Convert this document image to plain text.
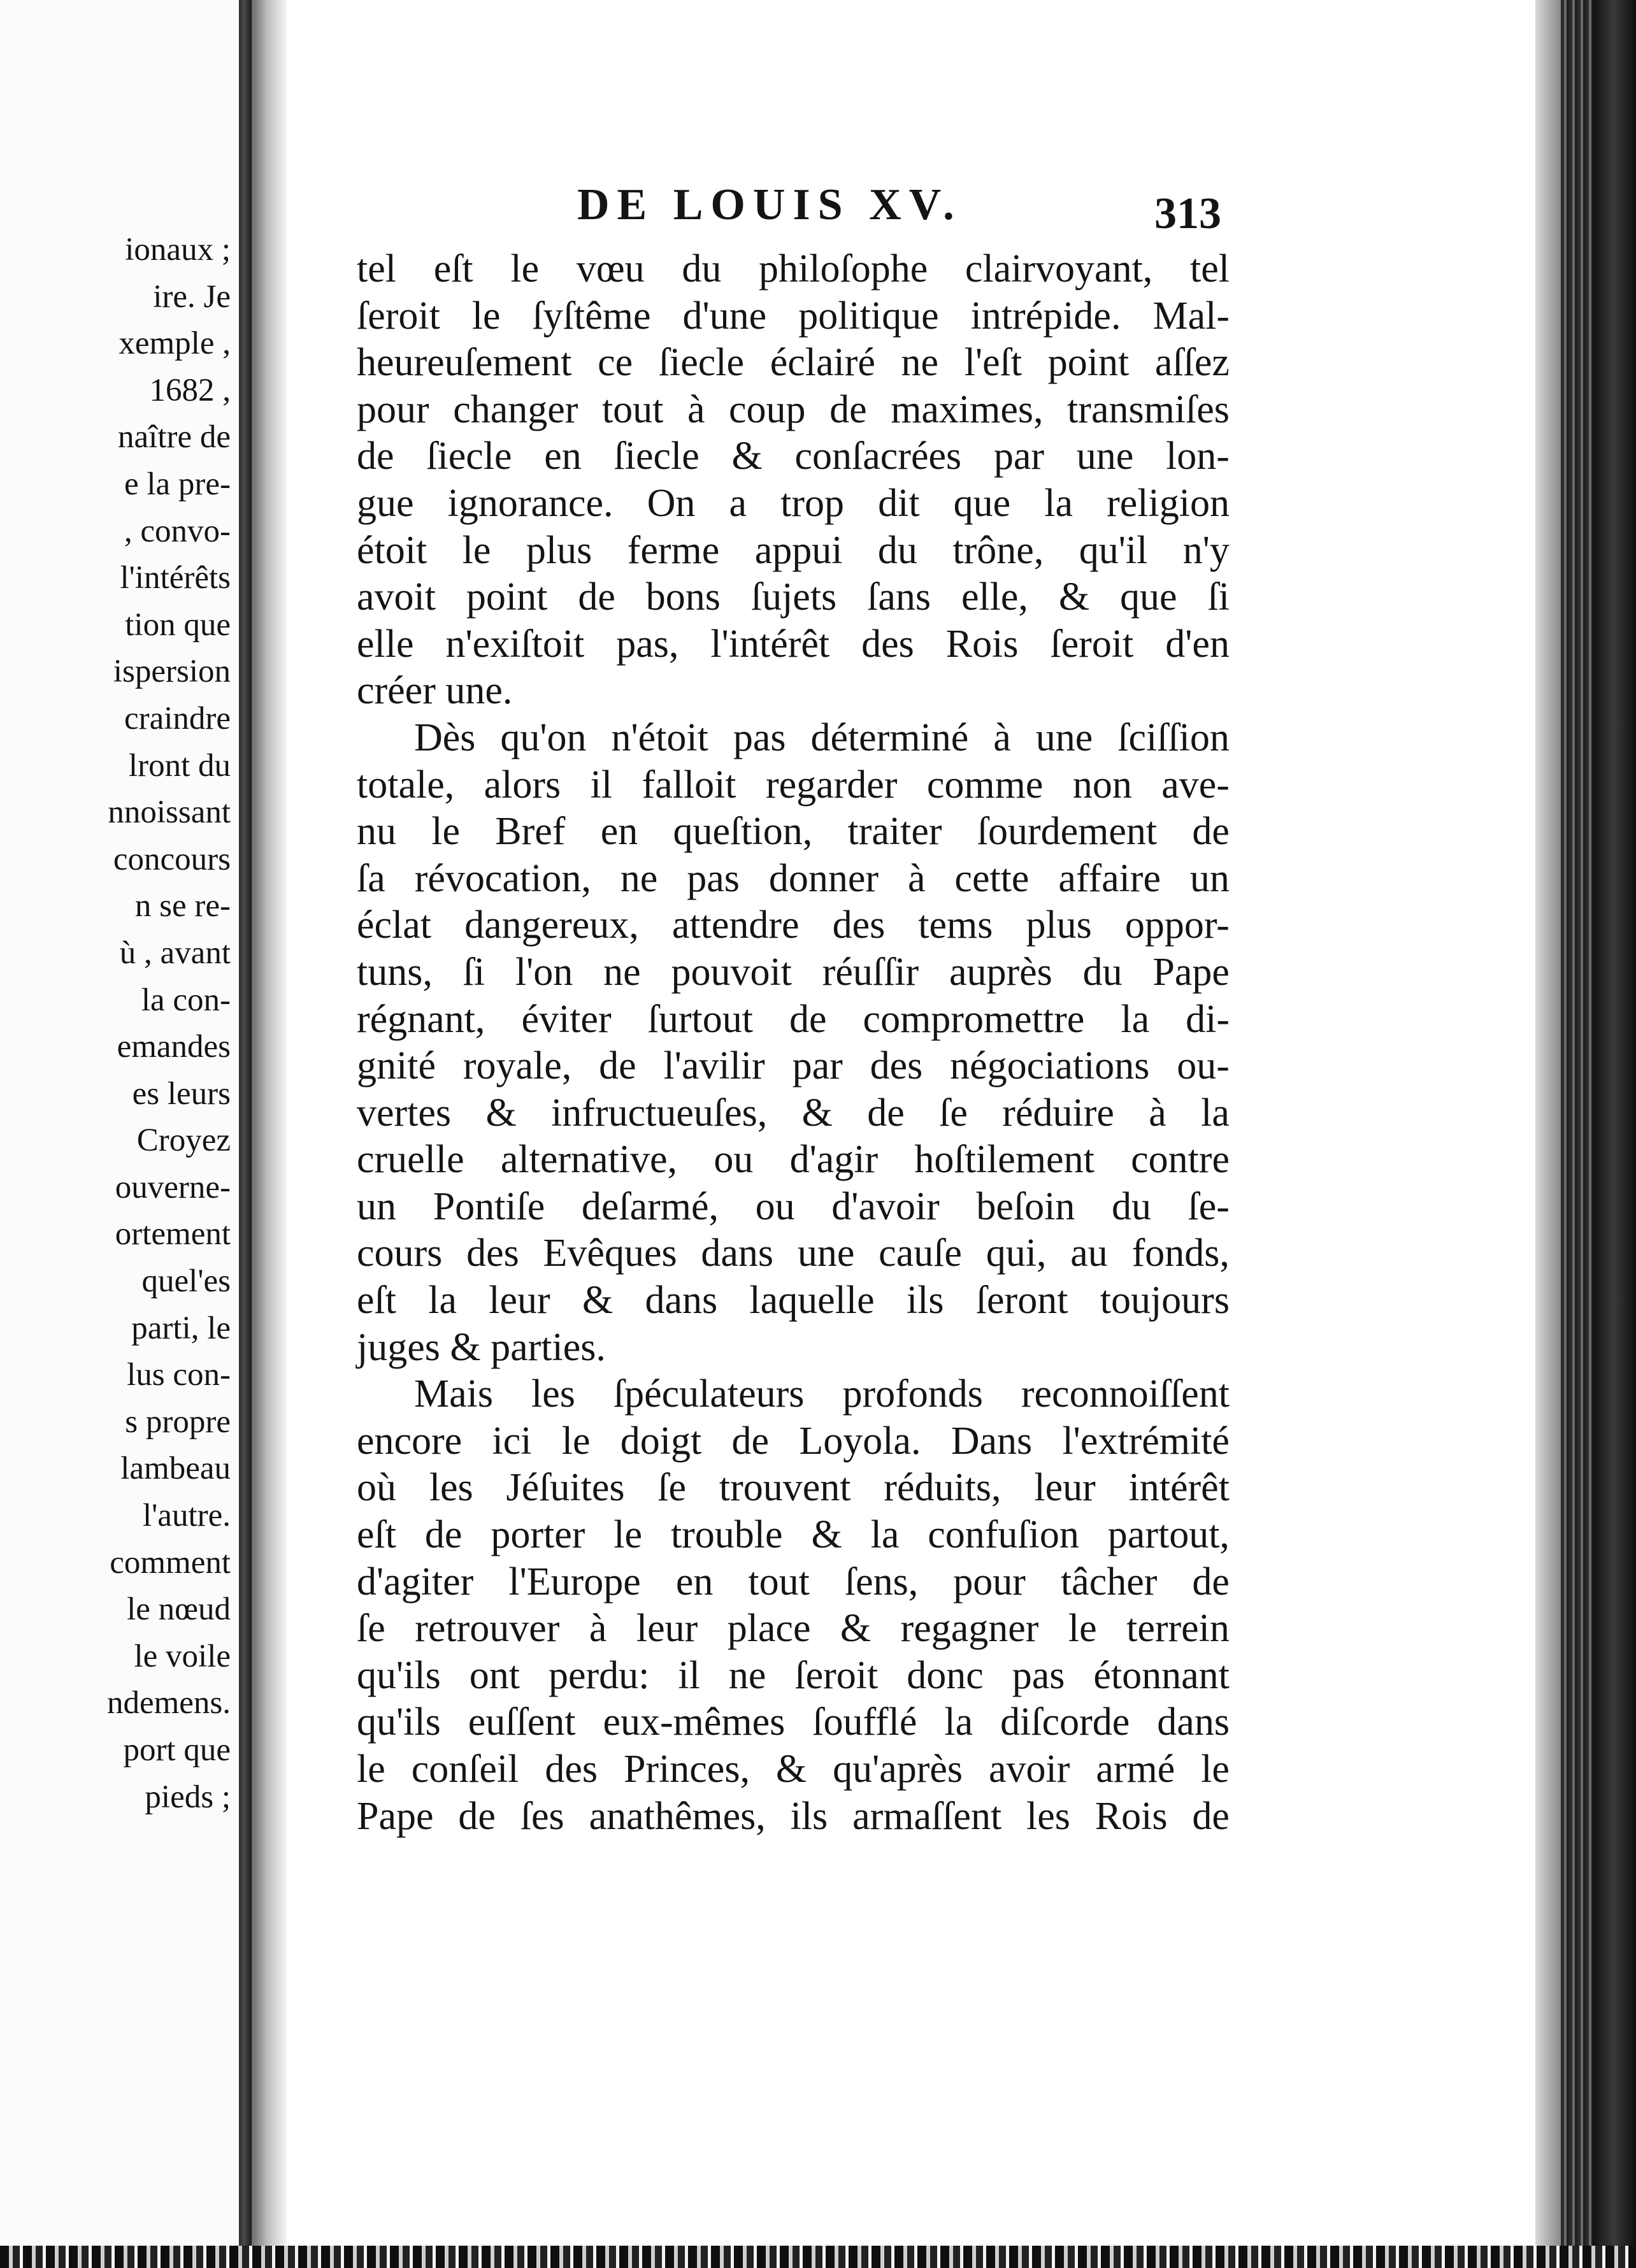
ionaux ;
ire. Je
xemple ,
1682 ,
naître de
e la pre-
, convo-
l'intérêts
tion que
ispersion
craindre
lront du
nnoissant
concours
n se re-
ù , avant
la con-
emandes
es leurs
Croyez
ouverne-
ortement
quel'es
parti, le
lus con-
s propre
lambeau
l'autre.
comment
le nœud
le voile
ndemens.
port que
pieds ;
DE LOUIS XV.	313
tel eſt le vœu du philoſophe clairvoyant, tel
ſeroit le ſyſtême d'une politique intrépide. Mal-
heureuſement ce ſiecle éclairé ne l'eſt point aſſez
pour changer tout à coup de maximes, transmiſes
de ſiecle en ſiecle & conſacrées par une lon-
gue ignorance. On a trop dit que la religion
étoit le plus ferme appui du trône, qu'il n'y
avoit point de bons ſujets ſans elle, & que ſi
elle n'exiſtoit pas, l'intérêt des Rois ſeroit d'en
créer une.
Dès qu'on n'étoit pas déterminé à une ſciſſion
totale, alors il falloit regarder comme non ave-
nu le Bref en queſtion, traiter ſourdement de
ſa révocation, ne pas donner à cette affaire un
éclat dangereux, attendre des tems plus oppor-
tuns, ſi l'on ne pouvoit réuſſir auprès du Pape
régnant, éviter ſurtout de compromettre la di-
gnité royale, de l'avilir par des négociations ou-
vertes & infructueuſes, & de ſe réduire à la
cruelle alternative, ou d'agir hoſtilement contre
un Pontiſe deſarmé, ou d'avoir beſoin du ſe-
cours des Evêques dans une cauſe qui, au fonds,
eſt la leur & dans laquelle ils ſeront toujours
juges & parties.
Mais les ſpéculateurs profonds reconnoiſſent
encore ici le doigt de Loyola. Dans l'extrémité
où les Jéſuites ſe trouvent réduits, leur intérêt
eſt de porter le trouble & la confuſion partout,
d'agiter l'Europe en tout ſens, pour tâcher de
ſe retrouver à leur place & regagner le terrein
qu'ils ont perdu: il ne ſeroit donc pas étonnant
qu'ils euſſent eux-mêmes ſoufflé la diſcorde dans
le conſeil des Princes, & qu'après avoir armé le
Pape de ſes anathêmes, ils armaſſent les Rois de
